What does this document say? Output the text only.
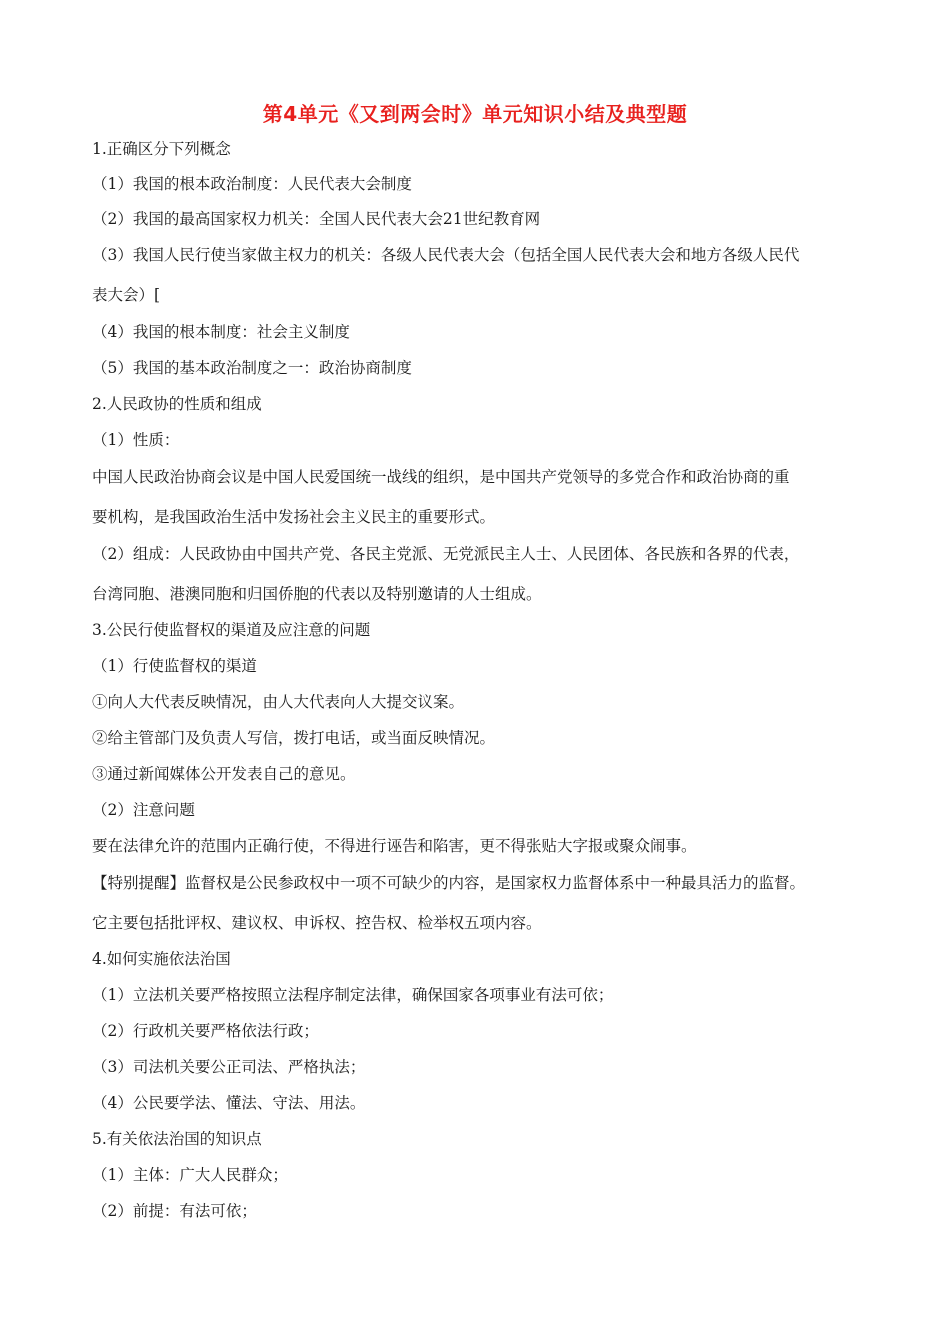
第4单元《又到两会时》单元知识小结及典型题
1.正确区分下列概念
（1）我国的根本政治制度：人民代表大会制度
（2）我国的最高国家权力机关：全国人民代表大会21世纪教育网
（3）我国人民行使当家做主权力的机关：各级人民代表大会（包括全国人民代表大会和地方各级人民代
表大会）[
（4）我国的根本制度：社会主义制度
（5）我国的基本政治制度之一：政治协商制度
2.人民政协的性质和组成
（1）性质：
中国人民政治协商会议是中国人民爱国统一战线的组织，是中国共产党领导的多党合作和政治协商的重
要机构，是我国政治生活中发扬社会主义民主的重要形式。
（2）组成：人民政协由中国共产党、各民主党派、无党派民主人士、人民团体、各民族和各界的代表，
台湾同胞、港澳同胞和归国侨胞的代表以及特别邀请的人士组成。
3.公民行使监督权的渠道及应注意的问题
（1）行使监督权的渠道
①向人大代表反映情况，由人大代表向人大提交议案。
②给主管部门及负责人写信，拨打电话，或当面反映情况。
③通过新闻媒体公开发表自己的意见。
（2）注意问题
要在法律允许的范围内正确行使，不得进行诬告和陷害，更不得张贴大字报或聚众闹事。
【特别提醒】监督权是公民参政权中一项不可缺少的内容，是国家权力监督体系中一种最具活力的监督。
它主要包括批评权、建议权、申诉权、控告权、检举权五项内容。
4.如何实施依法治国
（1）立法机关要严格按照立法程序制定法律，确保国家各项事业有法可依；
（2）行政机关要严格依法行政；
（3）司法机关要公正司法、严格执法；
（4）公民要学法、懂法、守法、用法。
5.有关依法治国的知识点
（1）主体：广大人民群众；
（2）前提：有法可依；
